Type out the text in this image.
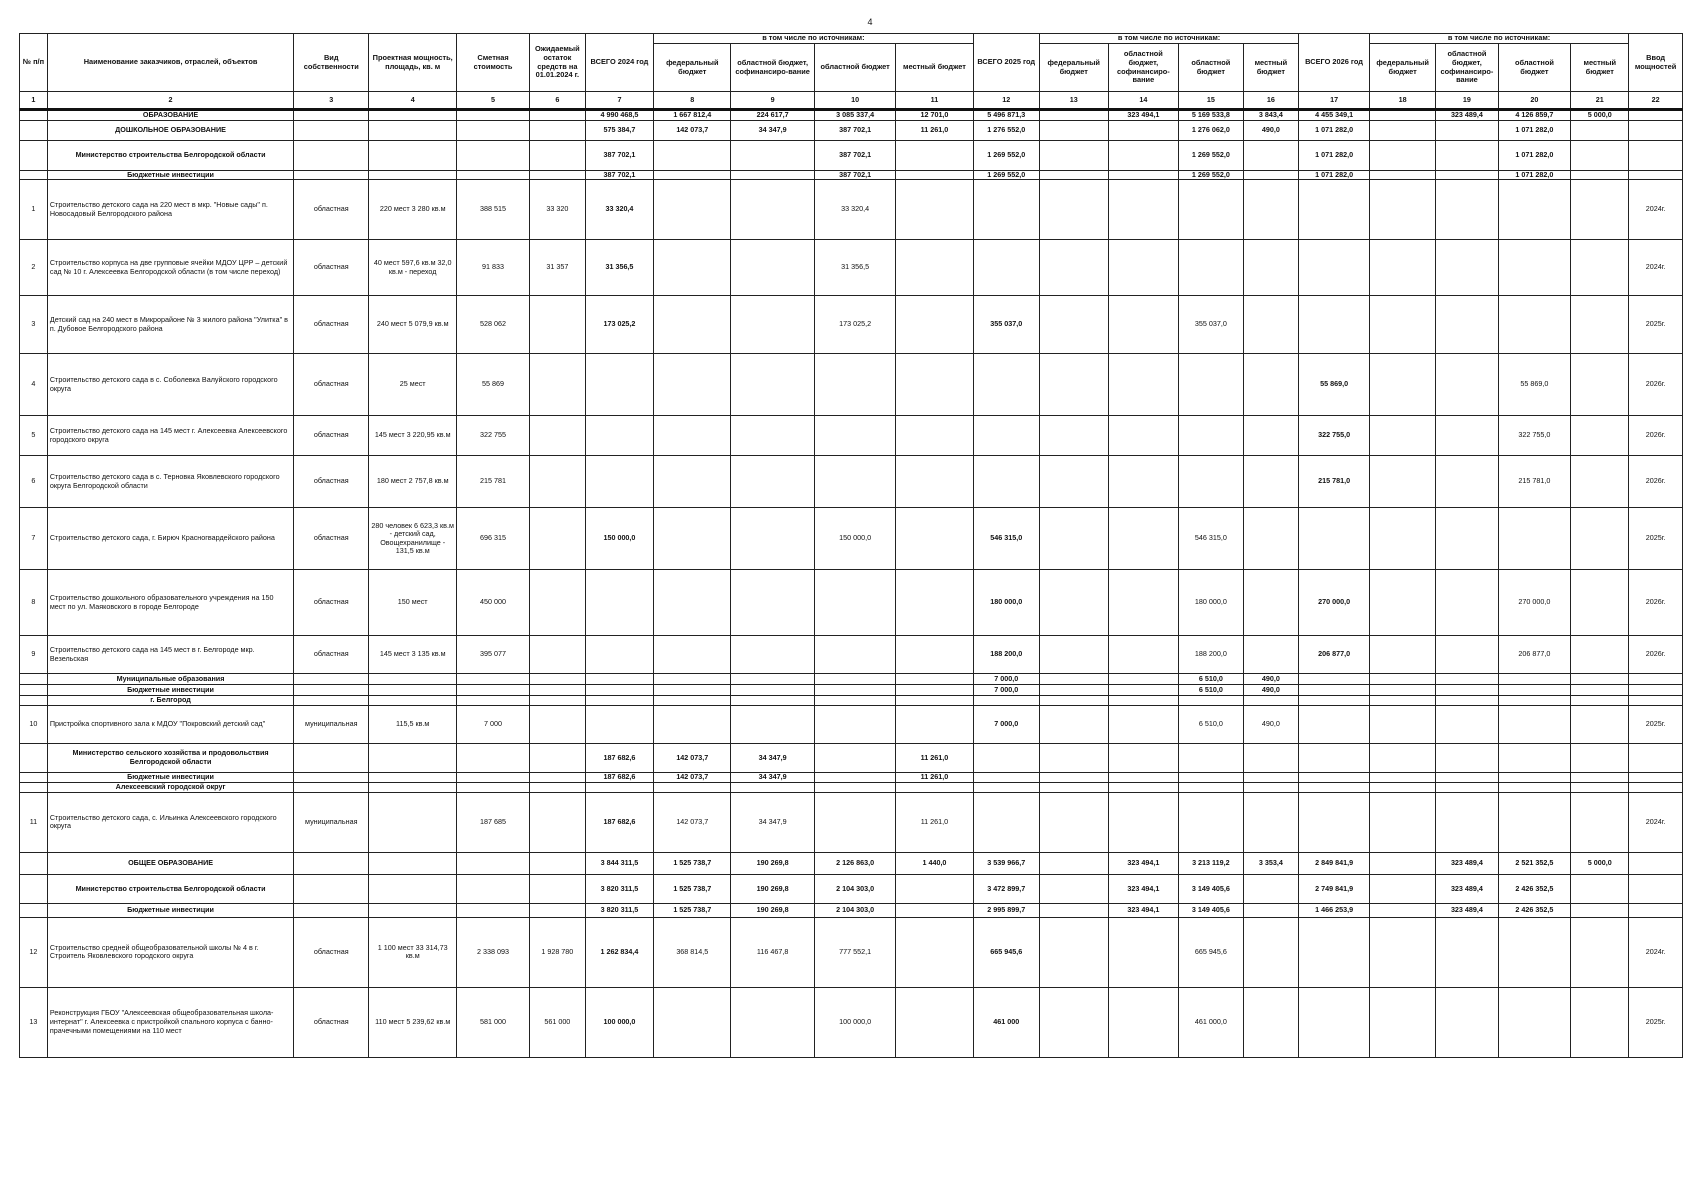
4
№ п/п	Наименование заказчиков, отраслей, объектов	Вид собственности	Проектная мощность, площадь, кв. м	Сметная стоимость	Ожидаемый остаток средств на 01.01.2024 г.	ВСЕГО 2024 год	в том числе по источникам:				ВСЕГО 2025 год	в том числе по источникам:				ВСЕГО 2026 год	в том числе по источникам:				Ввод мощностей
							федеральный бюджет	областной бюджет, софинансиро-вание	областной бюджет	местный бюджет		федеральный бюджет	областной бюджет, софинансиро-вание	областной бюджет	местный бюджет		федеральный бюджет	областной бюджет, софинансиро-вание	областной бюджет	местный бюджет	
1	2	3	4	5	6	7	8	9	10	11	12	13	14	15	16	17	18	19	20	21	22
	ОБРАЗОВАНИЕ					4 990 468,5	1 667 812,4	224 617,7	3 085 337,4	12 701,0	5 496 871,3		323 494,1	5 169 533,8	3 843,4	4 455 349,1		323 489,4	4 126 859,7	5 000,0	
	ДОШКОЛЬНОЕ ОБРАЗОВАНИЕ					575 384,7	142 073,7	34 347,9	387 702,1	11 261,0	1 276 552,0			1 276 062,0	490,0	1 071 282,0			1 071 282,0		
	Министерство строительства Белгородской области					387 702,1			387 702,1		1 269 552,0			1 269 552,0		1 071 282,0			1 071 282,0		
	Бюджетные инвестиции					387 702,1			387 702,1		1 269 552,0			1 269 552,0		1 071 282,0			1 071 282,0		
1	Строительство детского сада на 220 мест в мкр. "Новые сады" п. Новосадовый Белгородского района	областная	220 мест 3 280 кв.м	388 515	33 320	33 320,4			33 320,4												2024г.
2	Строительство корпуса на две групповые ячейки МДОУ ЦРР – детский сад № 10 г. Алексеевка Белгородской области (в том числе переход)	областная	40 мест 597,6 кв.м 32,0 кв.м - переход	91 833	31 357	31 356,5			31 356,5												2024г.
3	Детский сад на 240 мест в Микрорайоне № 3 жилого района "Улитка" в п. Дубовое Белгородского района	областная	240 мест 5 079,9 кв.м	528 062		173 025,2			173 025,2		355 037,0			355 037,0							2025г.
4	Строительство детского сада в с. Соболевка Валуйского городского округа	областная	25 мест	55 869												55 869,0			55 869,0		2026г.
5	Строительство детского сада на 145 мест г. Алексеевка Алексеевского городского округа	областная	145 мест 3 220,95 кв.м	322 755												322 755,0			322 755,0		2026г.
6	Строительство детского сада в с. Терновка Яковлевского городского округа Белгородской области	областная	180 мест 2 757,8 кв.м	215 781												215 781,0			215 781,0		2026г.
7	Строительство детского сада, г. Бирюч Красногвардейского района	областная	280 человек 6 623,3 кв.м - детский сад, Овощехранилище - 131,5 кв.м	696 315		150 000,0			150 000,0		546 315,0			546 315,0							2025г.
8	Строительство дошкольного образовательного учреждения на 150 мест по ул. Маяковского в городе Белгороде	областная	150 мест	450 000							180 000,0			180 000,0		270 000,0			270 000,0		2026г.
9	Строительство детского сада на 145 мест в г. Белгороде мкр. Везельская	областная	145 мест 3 135 кв.м	395 077							188 200,0			188 200,0		206 877,0			206 877,0		2026г.
	Муниципальные образования										7 000,0			6 510,0	490,0						
	Бюджетные инвестиции										7 000,0			6 510,0	490,0						
	г. Белгород																				
10	Пристройка спортивного зала к МДОУ "Покровский детский сад"	муниципальная	115,5 кв.м	7 000							7 000,0			6 510,0	490,0						2025г.
	Министерство сельского хозяйства и продовольствия Белгородской области					187 682,6	142 073,7	34 347,9		11 261,0											
	Бюджетные инвестиции					187 682,6	142 073,7	34 347,9		11 261,0											
	Алексеевский городской округ																				
11	Строительство детского сада, с. Ильинка Алексеевского городского округа	муниципальная		187 685		187 682,6	142 073,7	34 347,9		11 261,0											2024г.
	ОБЩЕЕ ОБРАЗОВАНИЕ					3 844 311,5	1 525 738,7	190 269,8	2 126 863,0	1 440,0	3 539 966,7		323 494,1	3 213 119,2	3 353,4	2 849 841,9		323 489,4	2 521 352,5	5 000,0	
	Министерство строительства Белгородской области					3 820 311,5	1 525 738,7	190 269,8	2 104 303,0		3 472 899,7		323 494,1	3 149 405,6		2 749 841,9		323 489,4	2 426 352,5		
	Бюджетные инвестиции					3 820 311,5	1 525 738,7	190 269,8	2 104 303,0		2 995 899,7		323 494,1	3 149 405,6		1 466 253,9		323 489,4	2 426 352,5		
12	Строительство средней общеобразовательной школы № 4 в г. Строитель Яковлевского городского округа	областная	1 100 мест 33 314,73 кв.м	2 338 093	1 928 780	1 262 834,4	368 814,5	116 467,8	777 552,1		665 945,6			665 945,6							2024г.
13	Реконструкция ГБОУ "Алексеевская общеобразовательная школа-интернат" г. Алексеевка с пристройкой спального корпуса с банно-прачечными помещениями на 110 мест	областная	110 мест 5 239,62 кв.м	581 000	561 000	100 000,0			100 000,0		461 000			461 000,0							2025г.
